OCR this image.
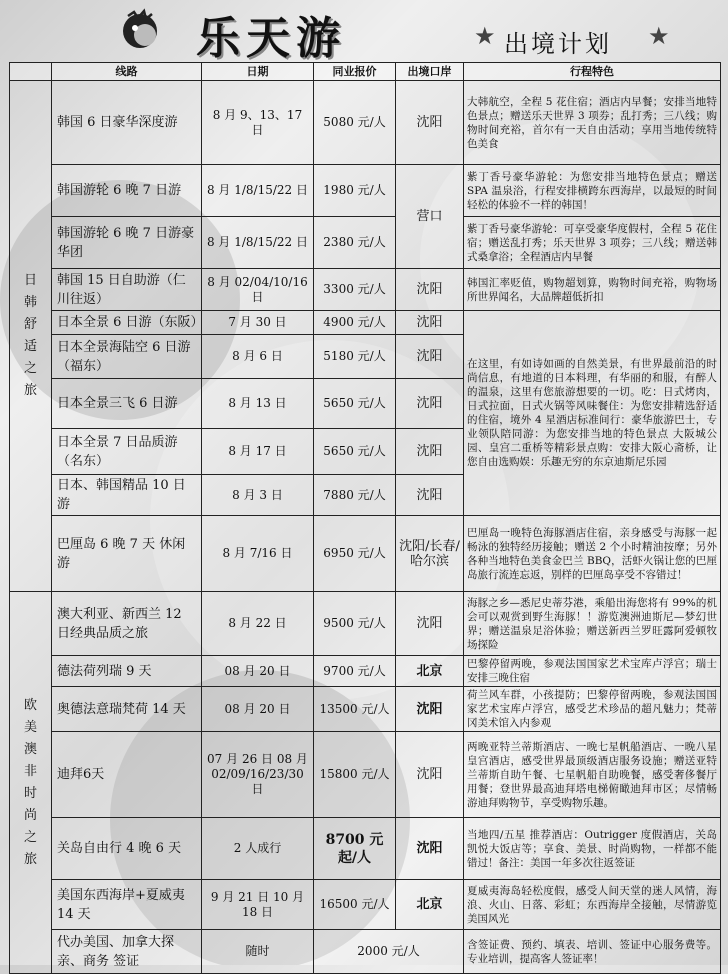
乐天游	★ 出境计划 ★
	线路	日期	同业报价	出境口岸	行程特色
日韩舒适之旅	韩国 6 日豪华深度游	8 月 9、13、17 日	5080 元/人	沈阳	大韩航空，全程 5 花住宿；酒店内早餐；安排当地特色景点；赠送乐天世界 3 项券；乱打秀；三八线；购物时间充裕，首尔有一天自由活动；享用当地传统特色美食
	韩国游轮 6 晚 7 日游	8 月 1/8/15/22 日	1980 元/人	营口	紫丁香号豪华游轮：为您安排当地特色景点；赠送 SPA 温泉浴，行程安排横跨东西海岸，以最短的时间轻松的体验不一样的韩国！
	韩国游轮 6 晚 7 日游豪华团	8 月 1/8/15/22 日	2380 元/人		紫丁香号豪华游轮：可享受豪华度假村，全程 5 花住宿；赠送乱打秀；乐天世界 3 项券；三八线；赠送韩式桑拿浴；全程酒店内早餐
	韩国 15 日自助游（仁川往返）	8 月 02/04/10/16 日	3300 元/人	沈阳	韩国汇率贬值，购物超划算，购物时间充裕，购物场所世界闻名，大品牌超低折扣
	日本全景 6 日游（东阪）	7 月 30 日	4900 元/人	沈阳	在这里，有如诗如画的自然美景，有世界最前沿的时尚信息，有地道的日本料理，有华丽的和服，有醉人的温泉，这里有您旅游想要的一切。吃：日式烤肉，日式拉面，日式火锅等风味餐住：为您安排精选舒适的住宿，境外 4 星酒店标准间行：豪华旅游巴士，专业领队陪同游：为您安排当地的特色景点 大阪城公园、皇宫二重桥等精彩景点购：安排大阪心斋桥，让您自由选购娱：乐趣无穷的东京迪斯尼乐园
	日本全景海陆空 6 日游（福东）	8 月 6 日	5180 元/人	沈阳	
	日本全景三飞 6 日游	8 月 13 日	5650 元/人	沈阳	
	日本全景 7 日品质游（名东）	8 月 17 日	5650 元/人	沈阳	
	日本、韩国精品 10 日游	8 月 3 日	7880 元/人	沈阳	
	巴厘岛 6 晚 7 天 休闲游	8 月 7/16 日	6950 元/人	沈阳/长春/哈尔滨	巴厘岛一晚特色海豚酒店住宿，亲身感受与海豚一起畅泳的独特经历接触；赠送 2 个小时精油按摩；另外各种当地特色美食金巴兰 BBQ，活虾火锅让您的巴厘岛旅行流连忘返，别样的巴厘岛享受不容错过！
欧美澳非时尚之旅	澳大利亚、新西兰 12 日经典品质之旅	8 月 22 日	9500 元/人	沈阳	海豚之乡—悉尼史蒂芬港，乘船出海您将有 99%的机会可以观赏到野生海豚！！游览澳洲迪斯尼—梦幻世界；赠送温泉足浴体验；赠送新西兰罗旺露阿爱顿牧场探险
	德法荷列瑞 9 天	08 月 20 日	9700 元/人	北京	巴黎停留两晚，参观法国国家艺术宝库卢浮宫；瑞士安排三晚住宿
	奥德法意瑞梵荷 14 天	08 月 20 日	13500 元/人	沈阳	荷兰风车群，小孩提防；巴黎停留两晚，参观法国国家艺术宝库卢浮宫，感受艺术珍品的超凡魅力；梵蒂冈美术馆入内参观
	迪拜6天	07 月 26 日 08 月 02/09/16/23/30 日	15800 元/人	沈阳	两晚亚特兰蒂斯酒店、一晚七星帆船酒店、一晚八星皇宫酒店，感受世界最顶级酒店服务设施；赠送亚特兰蒂斯自助午餐、七星帆船自助晚餐，感受奢侈餐厅用餐；登世界最高迪拜塔电梯俯瞰迪拜市区；尽情畅游迪拜购物节，享受购物乐趣。
	关岛自由行 4 晚 6 天	2 人成行	8700 元起/人	沈阳	当地四/五星 推荐酒店：Outrigger 度假酒店，关岛凯悦大饭店等；享食、美景、时尚购物，一样都不能错过！备注：美国一年多次往返签证
	美国东西海岸+夏威夷 14 天	9 月 21 日 10 月 18 日	16500 元/人	北京	夏威夷海岛轻松度假，感受人间天堂的迷人风情，海浪、火山、日落、彩虹；东西海岸全接触，尽情游览美国风光
	代办美国、加拿大探亲、商务 签证	随时	2000 元/人		含签证费、预约、填表、培训、签证中心服务费等。专业培训，提高客人签证率！
